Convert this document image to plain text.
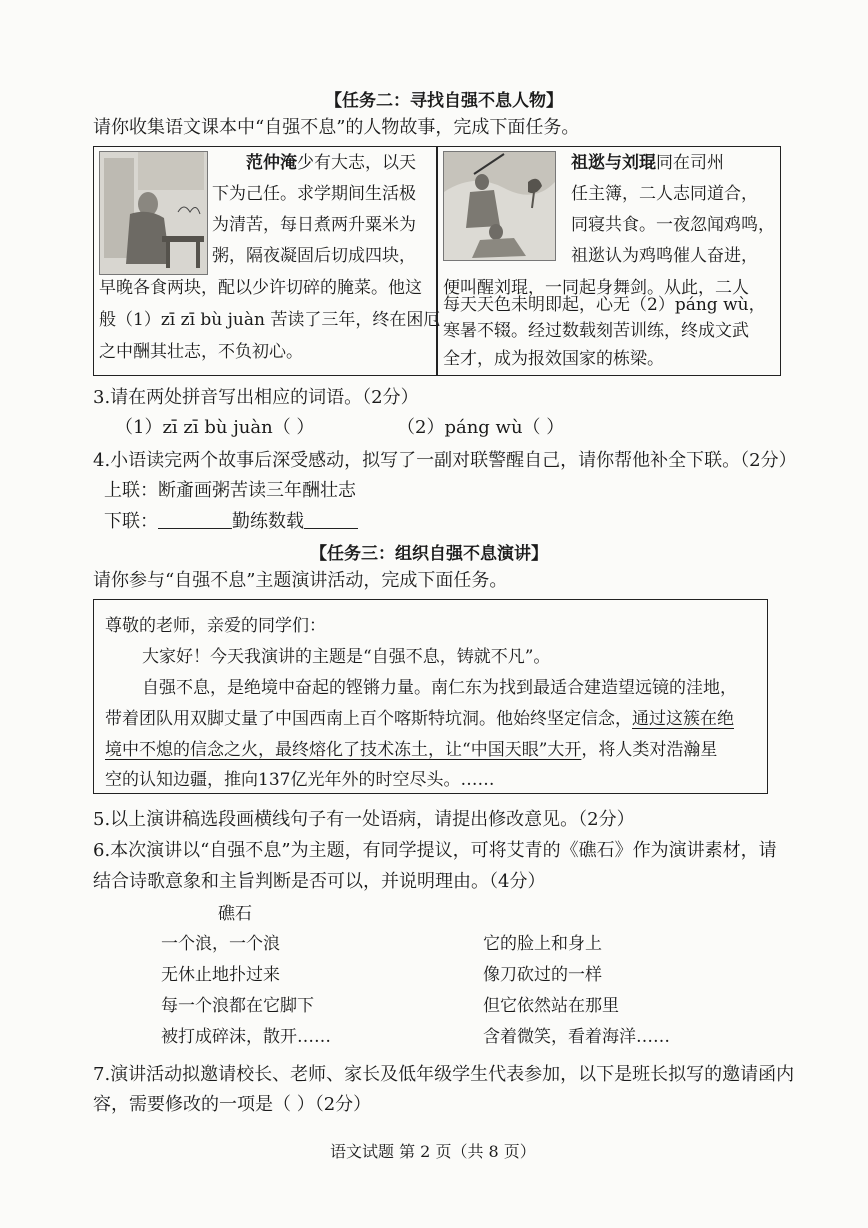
【任务二：寻找自强不息人物】
请你收集语文课本中“自强不息”的人物故事，完成下面任务。
范仲淹少有大志，以天
下为己任。求学期间生活极
为清苦，每日煮两升粟米为
粥，隔夜凝固后切成四块，
早晚各食两块，配以少许切碎的腌菜。他这
般（1）zī zī bù juàn 苦读了三年，终在困厄
之中酬其壮志，不负初心。
祖逖与刘琨同在司州
任主簿，二人志同道合，
同寝共食。一夜忽闻鸡鸣，
祖逖认为鸡鸣催人奋进，
便叫醒刘琨，一同起身舞剑。从此，二人
每天天色未明即起，心无（2）páng wù，
寒暑不辍。经过数载刻苦训练，终成文武
全才，成为报效国家的栋梁。
3.请在两处拼音写出相应的词语。（2分）
（1）zī zī bù juàn（ ）	（2）páng wù（ ）
4.小语读完两个故事后深受感动，拟写了一副对联警醒自己，请你帮他补全下联。（2分）
上联：断齑画粥苦读三年酬壮志
下联：	勤练数载
【任务三：组织自强不息演讲】
请你参与“自强不息”主题演讲活动，完成下面任务。
尊敬的老师，亲爱的同学们：
大家好！今天我演讲的主题是“自强不息，铸就不凡”。
自强不息，是绝境中奋起的铿锵力量。南仁东为找到最适合建造望远镜的洼地，
带着团队用双脚丈量了中国西南上百个喀斯特坑洞。他始终坚定信念，通过这簇在绝
境中不熄的信念之火，最终熔化了技术冻土，让“中国天眼”大开，将人类对浩瀚星
空的认知边疆，推向137亿光年外的时空尽头。……
5.以上演讲稿选段画横线句子有一处语病，请提出修改意见。（2分）
6.本次演讲以“自强不息”为主题，有同学提议，可将艾青的《礁石》作为演讲素材，请
结合诗歌意象和主旨判断是否可以，并说明理由。（4分）
礁石
一个浪，一个浪
无休止地扑过来
每一个浪都在它脚下
被打成碎沫，散开……
它的脸上和身上
像刀砍过的一样
但它依然站在那里
含着微笑，看着海洋……
7.演讲活动拟邀请校长、老师、家长及低年级学生代表参加，以下是班长拟写的邀请函内
容，需要修改的一项是（ ）（2分）
语文试题 第 2 页（共 8 页）
